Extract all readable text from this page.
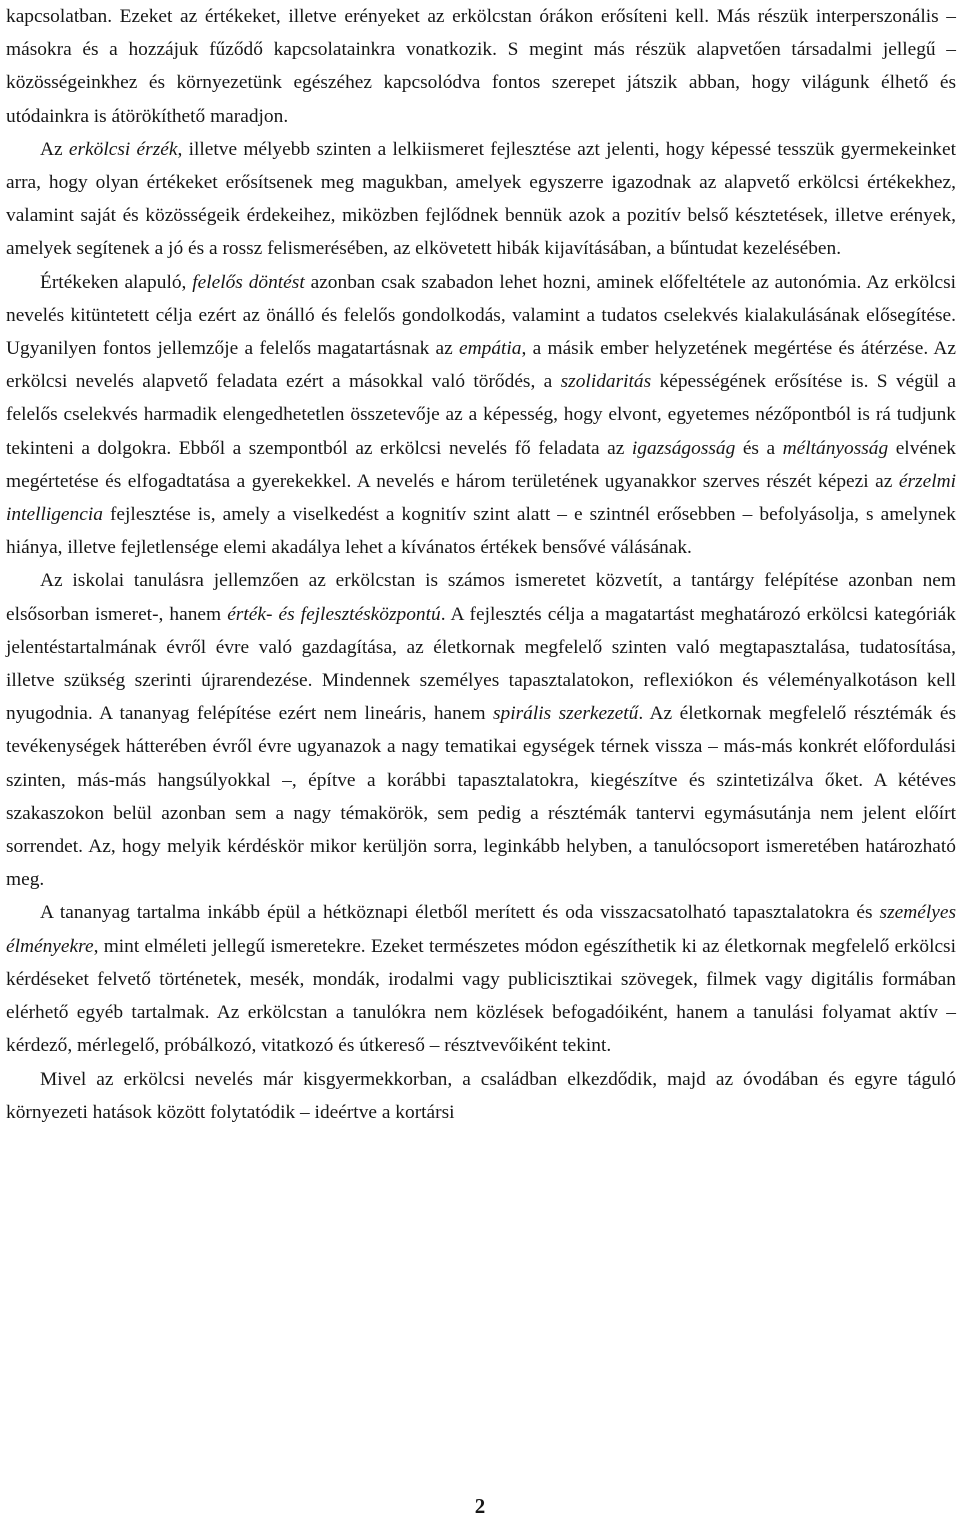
kapcsolatban. Ezeket az értékeket, illetve erényeket az erkölcstan órákon erősíteni kell. Más részük interperszonális – másokra és a hozzájuk fűződő kapcsolatainkra vonatkozik. S megint más részük alapvetően társadalmi jellegű – közösségeinkhez és környezetünk egészéhez kapcsolódva fontos szerepet játszik abban, hogy világunk élhető és utódainkra is átörökíthető maradjon.

Az erkölcsi érzék, illetve mélyebb szinten a lelkiismeret fejlesztése azt jelenti, hogy képessé tesszük gyermekeinket arra, hogy olyan értékeket erősítsenek meg magukban, amelyek egyszerre igazodnak az alapvető erkölcsi értékekhez, valamint saját és közösségeik érdekeihez, miközben fejlődnek bennük azok a pozitív belső késztetések, illetve erények, amelyek segítenek a jó és a rossz felismerésében, az elkövetett hibák kijavításában, a bűntudat kezelésében.

Értékeken alapuló, felelős döntést azonban csak szabadon lehet hozni, aminek előfeltétele az autonómia. Az erkölcsi nevelés kitüntetett célja ezért az önálló és felelős gondolkodás, valamint a tudatos cselekvés kialakulásának elősegítése. Ugyanilyen fontos jellemzője a felelős magatartásnak az empátia, a másik ember helyzetének megértése és átérzése. Az erkölcsi nevelés alapvető feladata ezért a másokkal való törődés, a szolidaritás képességének erősítése is. S végül a felelős cselekvés harmadik elengedhetetlen összetevője az a képesség, hogy elvont, egyetemes nézőpontból is rá tudjunk tekinteni a dolgokra. Ebből a szempontból az erkölcsi nevelés fő feladata az igazságosság és a méltányosság elvének megértetése és elfogadtatása a gyerekekkel. A nevelés e három területének ugyanakkor szerves részét képezi az érzelmi intelligencia fejlesztése is, amely a viselkedést a kognitív szint alatt – e szintnél erősebben – befolyásolja, s amelynek hiánya, illetve fejletlensége elemi akadálya lehet a kívánatos értékek bensővé válásának.

Az iskolai tanulásra jellemzően az erkölcstan is számos ismeretet közvetít, a tantárgy felépítése azonban nem elsősorban ismeret-, hanem érték- és fejlesztésközpontú. A fejlesztés célja a magatartást meghatározó erkölcsi kategóriák jelentéstartalmának évről évre való gazdagítása, az életkornak megfelelő szinten való megtapasztalása, tudatosítása, illetve szükség szerinti újrarendezése. Mindennek személyes tapasztalatokon, reflexiókon és véleményalkotáson kell nyugodnia. A tananyag felépítése ezért nem lineáris, hanem spirális szerkezetű. Az életkornak megfelelő résztémák és tevékenységek hátterében évről évre ugyanazok a nagy tematikai egységek térnek vissza – más-más konkrét előfordulási szinten, más-más hangsúlyokkal –, építve a korábbi tapasztalatokra, kiegészítve és szintetizálva őket. A kétéves szakaszokon belül azonban sem a nagy témakörök, sem pedig a résztémák tantervi egymásutánja nem jelent előírt sorrendet. Az, hogy melyik kérdéskör mikor kerüljön sorra, leginkább helyben, a tanulócsoport ismeretében határozható meg.

A tananyag tartalma inkább épül a hétköznapi életből merített és oda visszacsatolható tapasztalatokra és személyes élményekre, mint elméleti jellegű ismeretekre. Ezeket természetes módon egészíthetik ki az életkornak megfelelő erkölcsi kérdéseket felvető történetek, mesék, mondák, irodalmi vagy publicisztikai szövegek, filmek vagy digitális formában elérhető egyéb tartalmak. Az erkölcstan a tanulókra nem közlések befogadóiként, hanem a tanulási folyamat aktív – kérdező, mérlegelő, próbálkozó, vitatkozó és útkereső – résztvevőiként tekint.

Mivel az erkölcsi nevelés már kisgyermekkorban, a családban elkezdődik, majd az óvodában és egyre táguló környezeti hatások között folytatódik – ideértve a kortársi

2
